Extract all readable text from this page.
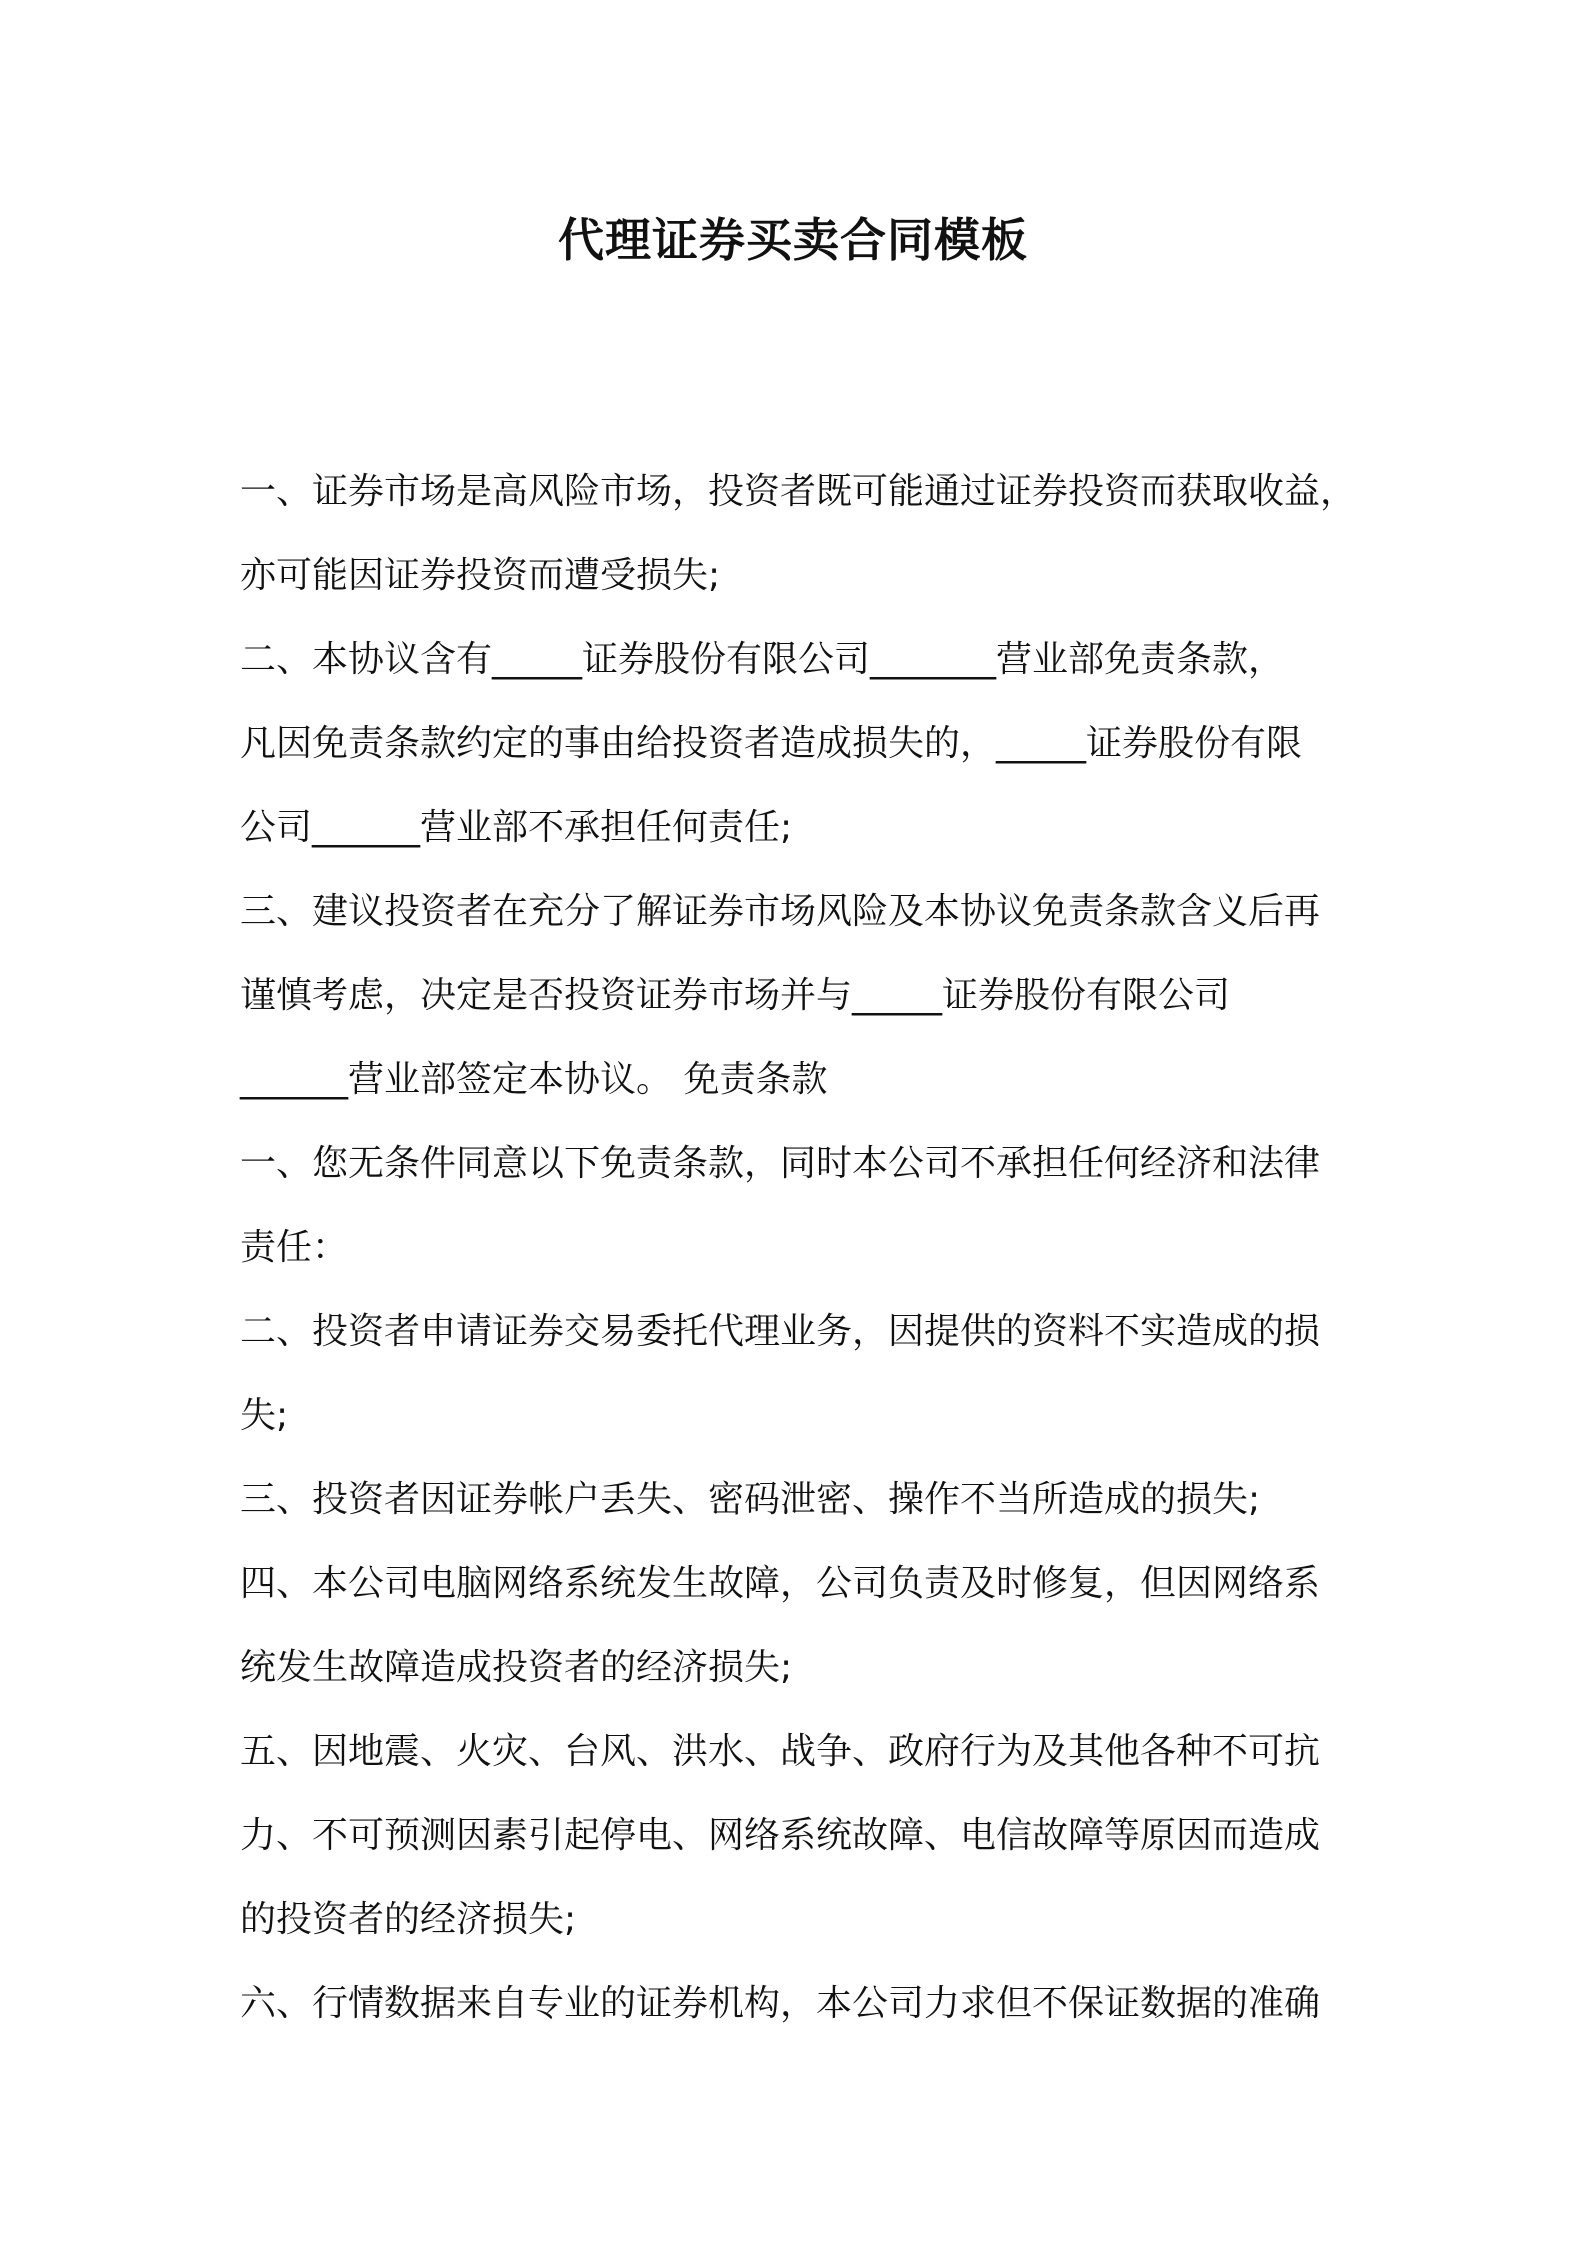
代理证券买卖合同模板
一、证券市场是高风险市场，投资者既可能通过证券投资而获取收益，
亦可能因证券投资而遭受损失;
二、本协议含有_____证券股份有限公司_______营业部免责条款，
凡因免责条款约定的事由给投资者造成损失的，_____证券股份有限
公司______营业部不承担任何责任;
三、建议投资者在充分了解证券市场风险及本协议免责条款含义后再
谨慎考虑，决定是否投资证券市场并与_____证券股份有限公司
______营业部签定本协议。 免责条款
一、您无条件同意以下免责条款，同时本公司不承担任何经济和法律
责任：
二、投资者申请证券交易委托代理业务，因提供的资料不实造成的损
失;
三、投资者因证券帐户丢失、密码泄密、操作不当所造成的损失;
四、本公司电脑网络系统发生故障，公司负责及时修复，但因网络系
统发生故障造成投资者的经济损失;
五、因地震、火灾、台风、洪水、战争、政府行为及其他各种不可抗
力、不可预测因素引起停电、网络系统故障、电信故障等原因而造成
的投资者的经济损失;
六、行情数据来自专业的证券机构，本公司力求但不保证数据的准确
